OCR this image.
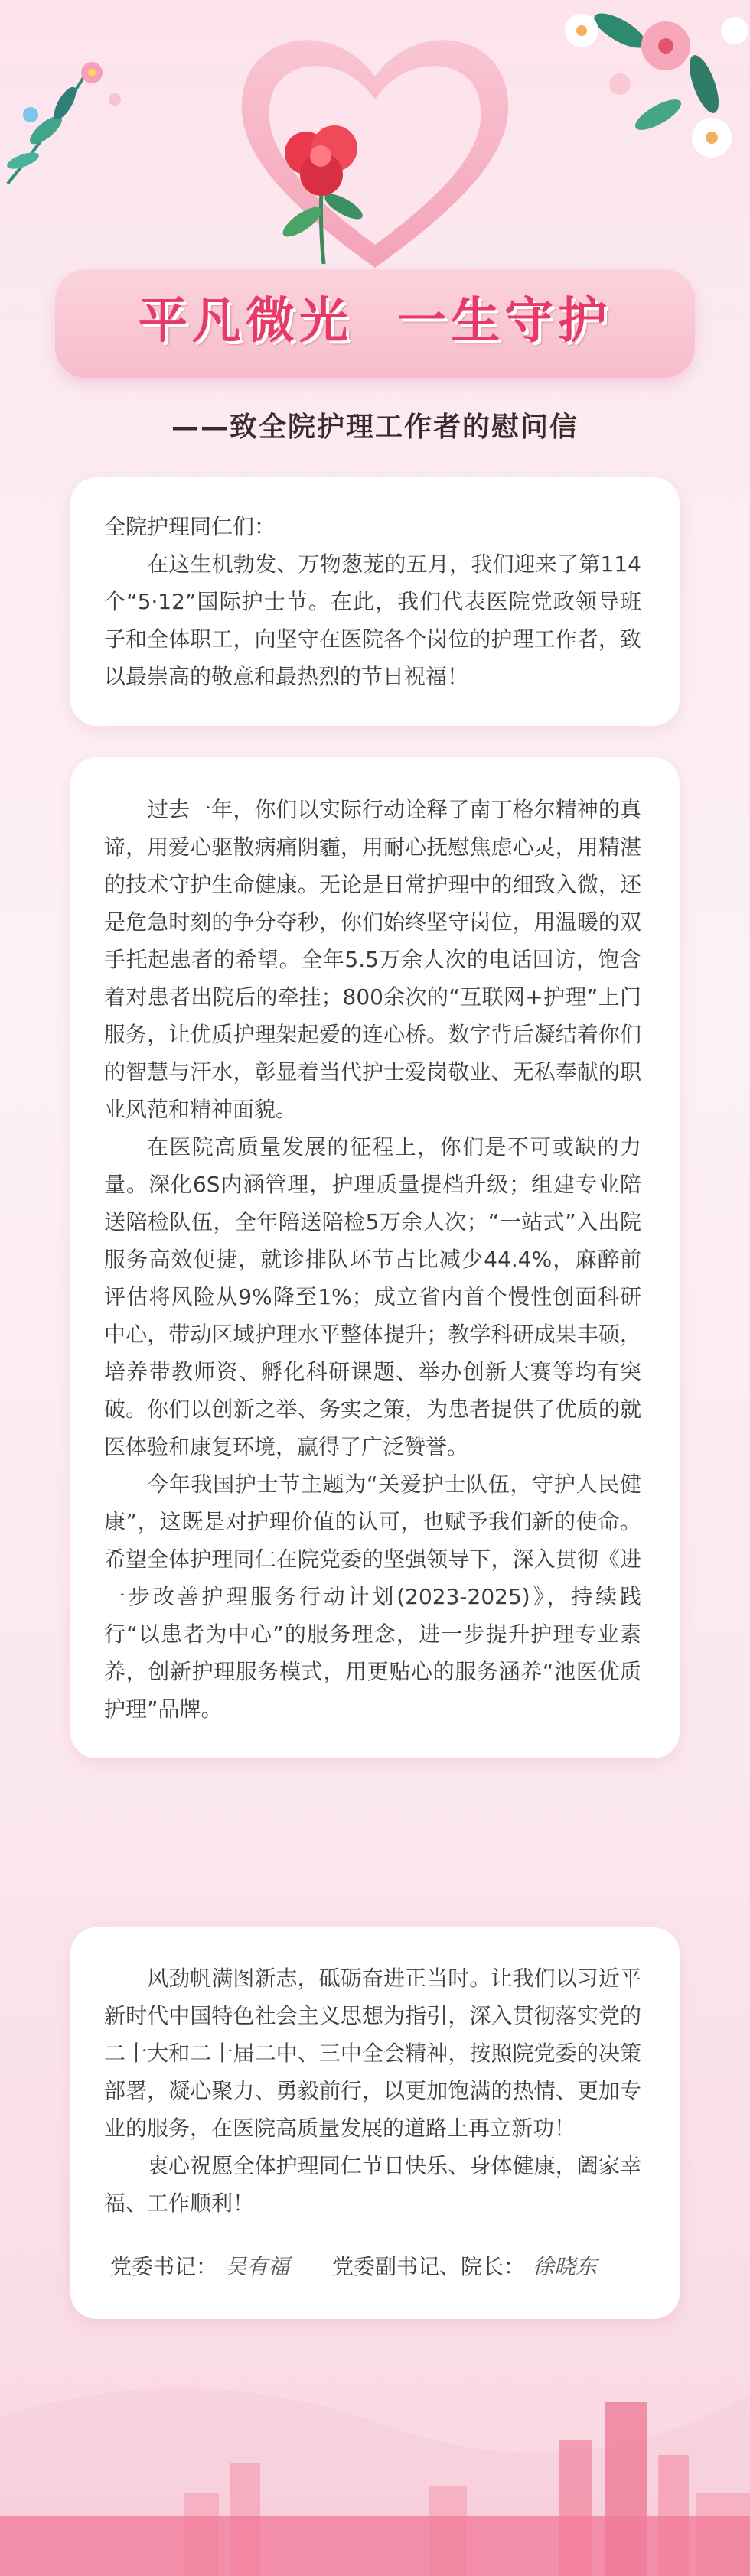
平凡微光 一生守护
——致全院护理工作者的慰问信

全院护理同仁们：

在这生机勃发、万物葱茏的五月，我们迎来了第114个“5·12”国际护士节。在此，我们代表医院党政领导班子和全体职工，向坚守在医院各个岗位的护理工作者，致以最崇高的敬意和最热烈的节日祝福！

过去一年，你们以实际行动诠释了南丁格尔精神的真谛，用爱心驱散病痛阴霾，用耐心抚慰焦虑心灵，用精湛的技术守护生命健康。无论是日常护理中的细致入微，还是危急时刻的争分夺秒，你们始终坚守岗位，用温暖的双手托起患者的希望。全年5.5万余人次的电话回访，饱含着对患者出院后的牵挂；800余次的“互联网+护理”上门服务，让优质护理架起爱的连心桥。数字背后凝结着你们的智慧与汗水，彰显着当代护士爱岗敬业、无私奉献的职业风范和精神面貌。

在医院高质量发展的征程上，你们是不可或缺的力量。深化6S内涵管理，护理质量提档升级；组建专业陪送陪检队伍，全年陪送陪检5万余人次；“一站式”入出院服务高效便捷，就诊排队环节占比减少44.4%，麻醉前评估将风险从9%降至1%；成立省内首个慢性创面科研中心，带动区域护理水平整体提升；教学科研成果丰硕，培养带教师资、孵化科研课题、举办创新大赛等均有突破。你们以创新之举、务实之策，为患者提供了优质的就医体验和康复环境，赢得了广泛赞誉。

今年我国护士节主题为“关爱护士队伍，守护人民健康”，这既是对护理价值的认可，也赋予我们新的使命。希望全体护理同仁在院党委的坚强领导下，深入贯彻《进一步改善护理服务行动计划(2023-2025)》，持续践行“以患者为中心”的服务理念，进一步提升护理专业素养，创新护理服务模式，用更贴心的服务涵养“池医优质护理”品牌。

风劲帆满图新志，砥砺奋进正当时。让我们以习近平新时代中国特色社会主义思想为指引，深入贯彻落实党的二十大和二十届二中、三中全会精神，按照院党委的决策部署，凝心聚力、勇毅前行，以更加饱满的热情、更加专业的服务，在医院高质量发展的道路上再立新功！

衷心祝愿全体护理同仁节日快乐、身体健康，阖家幸福、工作顺利！

党委书记： 吴有福 党委副书记、院长： 徐晓东
